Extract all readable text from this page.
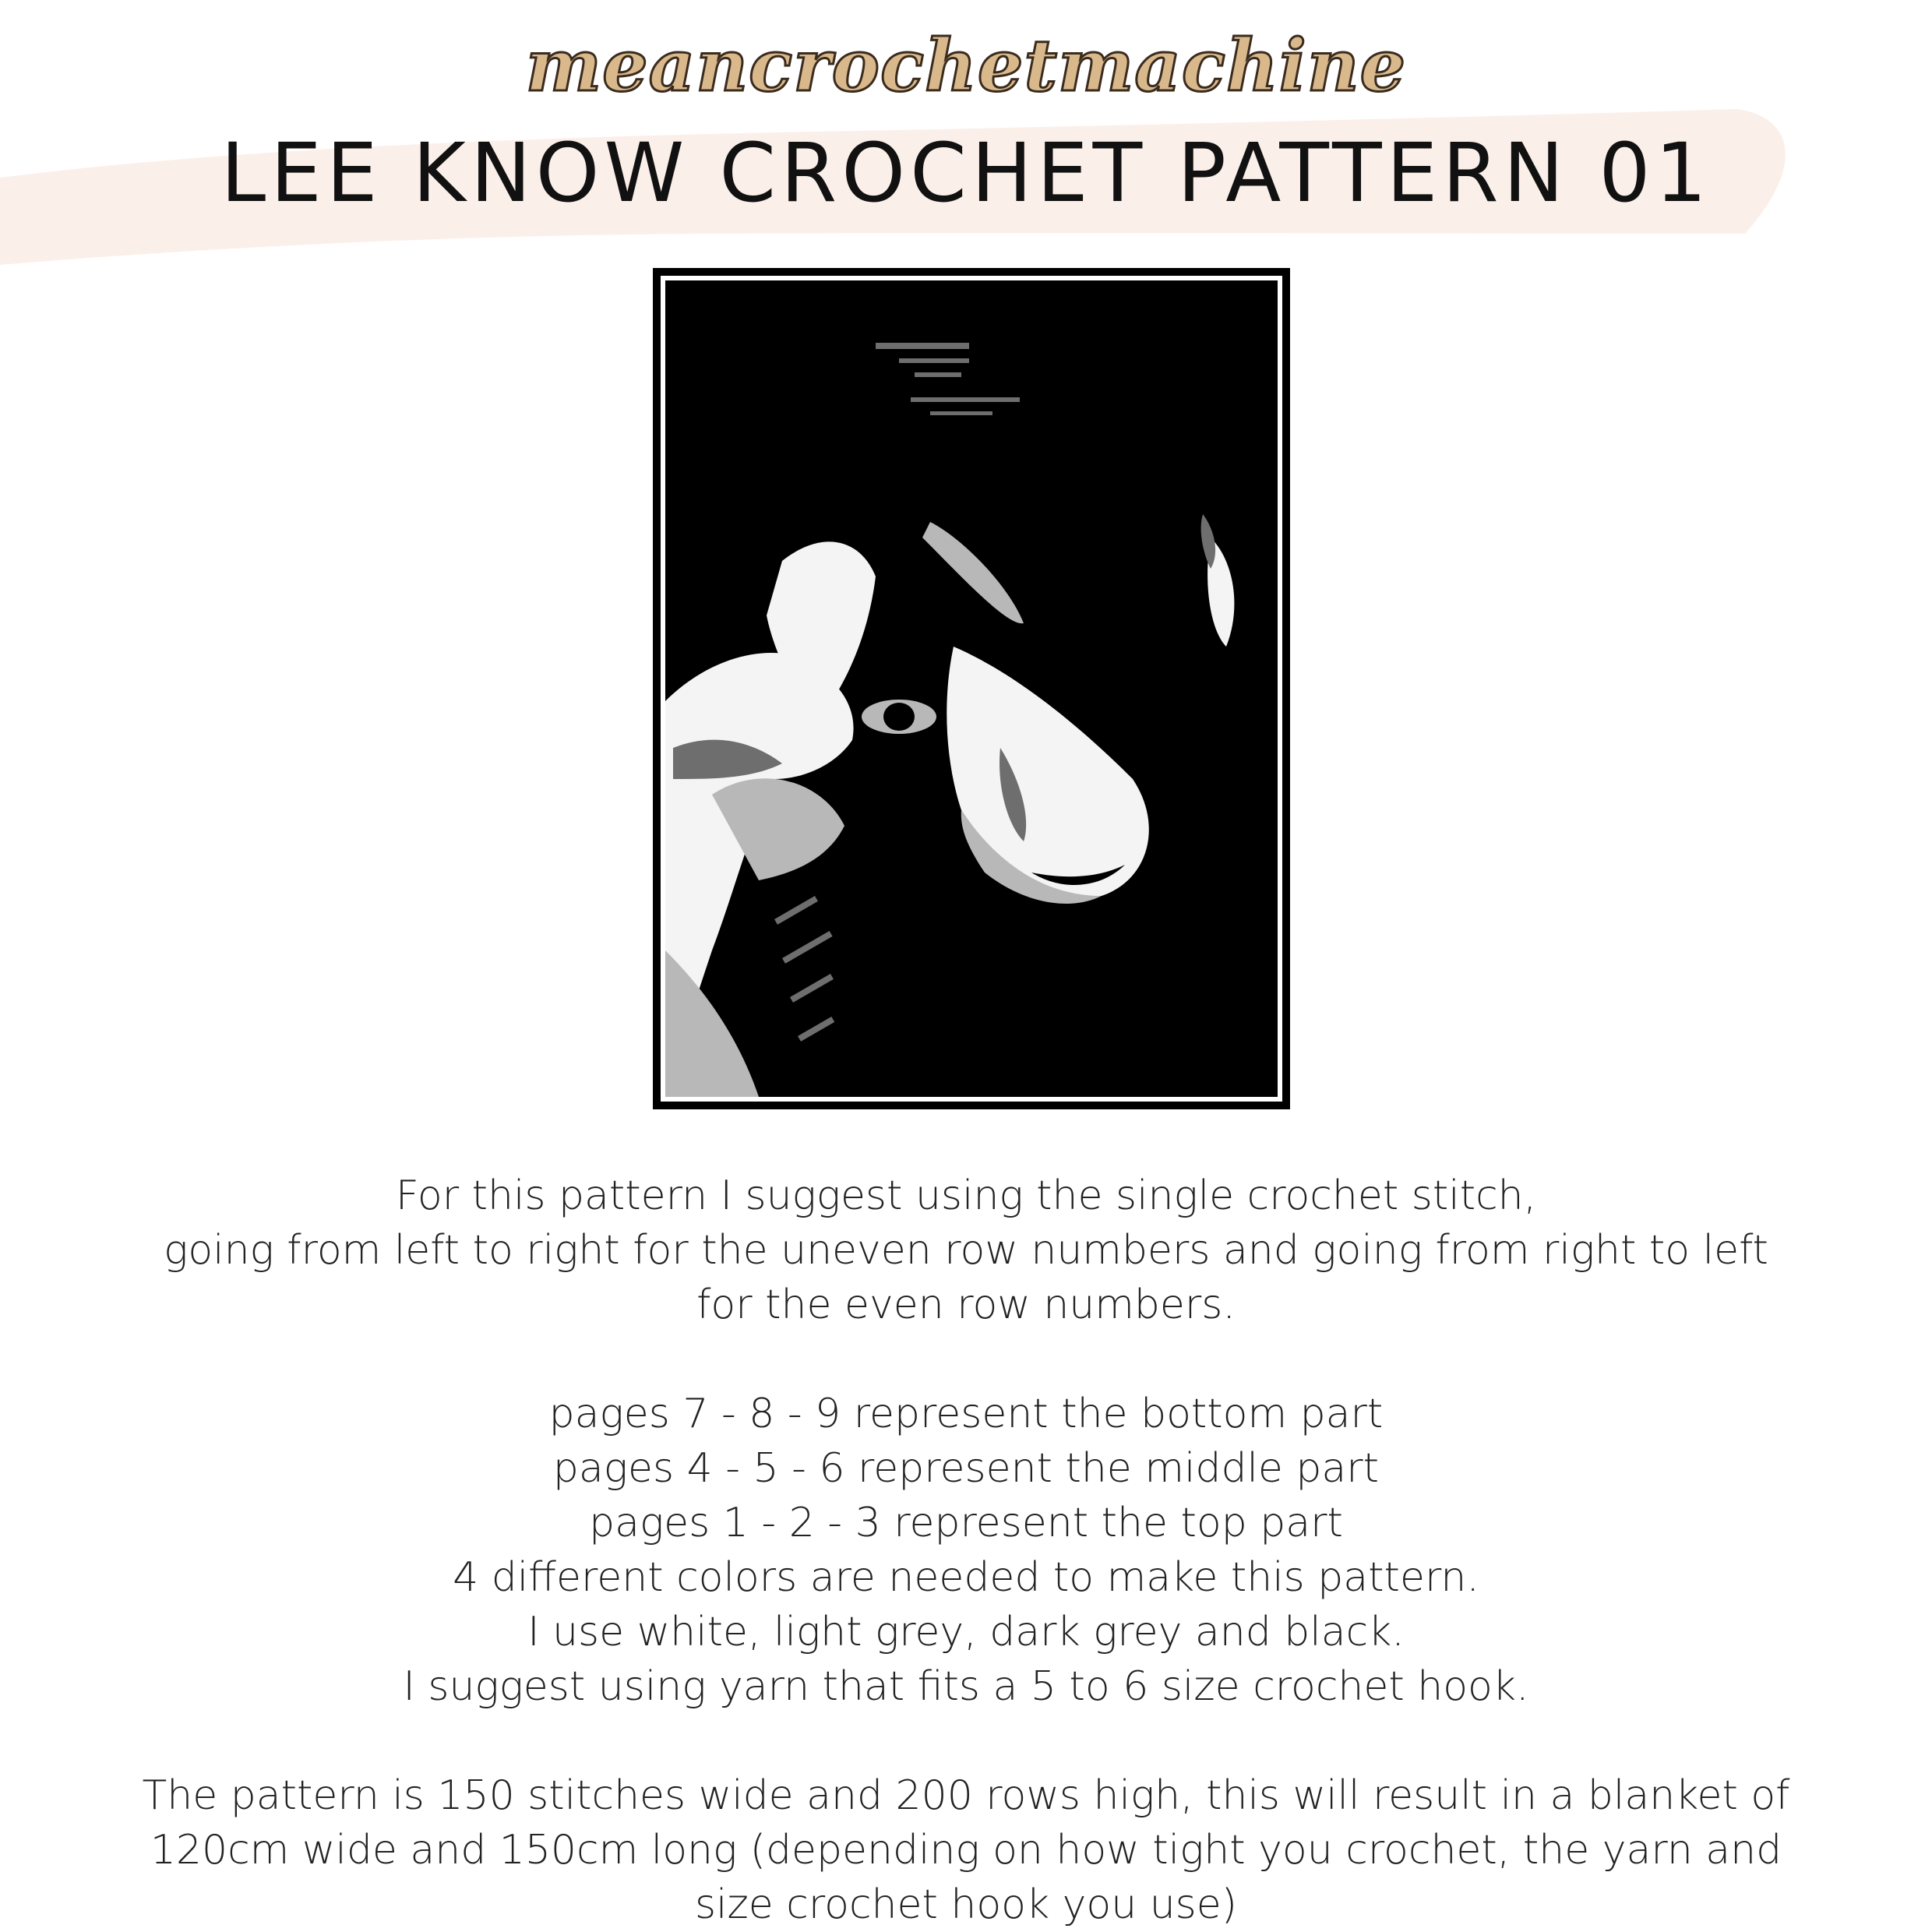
meancrochetmachine
LEE KNOW CROCHET PATTERN 01

For this pattern I suggest using the single crochet stitch,

going from left to right for the uneven row numbers and going from right to left

for the even row numbers.

pages 7 - 8 - 9 represent the bottom part

pages 4 - 5 - 6 represent the middle part

pages 1 - 2 - 3 represent the top part

4 different colors are needed to make this pattern.

I use white, light grey, dark grey and black.

I suggest using yarn that fits a 5 to 6 size crochet hook.

The pattern is 150 stitches wide and 200 rows high, this will result in a blanket of

120cm wide and 150cm long (depending on how tight you crochet, the yarn and

size crochet hook you use)
